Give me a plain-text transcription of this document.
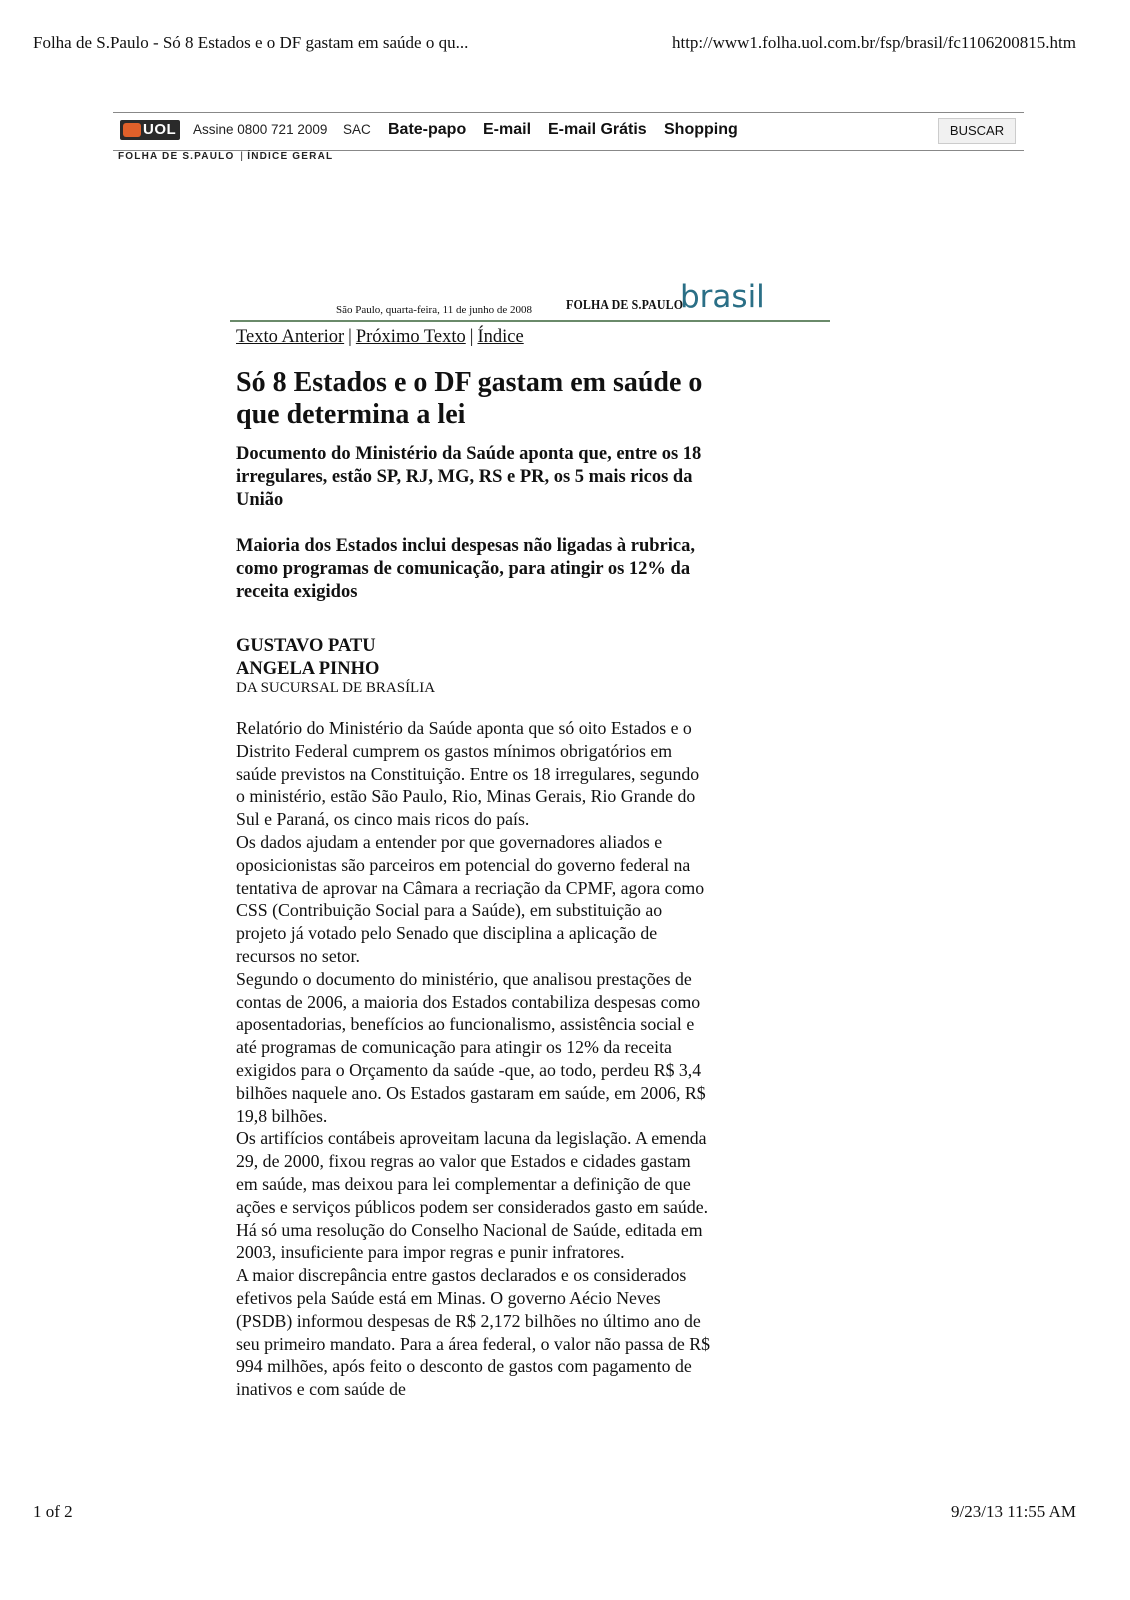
Folha de S.Paulo - Só 8 Estados e o DF gastam em saúde o qu...	http://www1.folha.uol.com.br/fsp/brasil/fc1106200815.htm
UOL Assine 0800 721 2009 SAC Bate-papo E-mail E-mail Grátis Shopping	BUSCAR
FOLHA DE S.PAULO | ÍNDICE GERAL
São Paulo, quarta-feira, 11 de junho de 2008 FOLHA DE S.PAULO
brasil
Texto Anterior | Próximo Texto | Índice
Só 8 Estados e o DF gastam em saúde o que determina a lei

Documento do Ministério da Saúde aponta que, entre os 18 irregulares, estão SP, RJ, MG, RS e PR, os 5 mais ricos da União

Maioria dos Estados inclui despesas não ligadas à rubrica, como programas de comunicação, para atingir os 12% da receita exigidos

GUSTAVO PATU
ANGELA PINHO
DA SUCURSAL DE BRASÍLIA

Relatório do Ministério da Saúde aponta que só oito Estados e o Distrito Federal cumprem os gastos mínimos obrigatórios em saúde previstos na Constituição. Entre os 18 irregulares, segundo o ministério, estão São Paulo, Rio, Minas Gerais, Rio Grande do Sul e Paraná, os cinco mais ricos do país.

Os dados ajudam a entender por que governadores aliados e oposicionistas são parceiros em potencial do governo federal na tentativa de aprovar na Câmara a recriação da CPMF, agora como CSS (Contribuição Social para a Saúde), em substituição ao projeto já votado pelo Senado que disciplina a aplicação de recursos no setor.

Segundo o documento do ministério, que analisou prestações de contas de 2006, a maioria dos Estados contabiliza despesas como aposentadorias, benefícios ao funcionalismo, assistência social e até programas de comunicação para atingir os 12% da receita exigidos para o Orçamento da saúde -que, ao todo, perdeu R$ 3,4 bilhões naquele ano. Os Estados gastaram em saúde, em 2006, R$ 19,8 bilhões.

Os artifícios contábeis aproveitam lacuna da legislação. A emenda 29, de 2000, fixou regras ao valor que Estados e cidades gastam em saúde, mas deixou para lei complementar a definição de que ações e serviços públicos podem ser considerados gasto em saúde. Há só uma resolução do Conselho Nacional de Saúde, editada em 2003, insuficiente para impor regras e punir infratores.

A maior discrepância entre gastos declarados e os considerados efetivos pela Saúde está em Minas. O governo Aécio Neves (PSDB) informou despesas de R$ 2,172 bilhões no último ano de seu primeiro mandato. Para a área federal, o valor não passa de R$ 994 milhões, após feito o desconto de gastos com pagamento de inativos e com saúde de

1 of 2	9/23/13 11:55 AM
